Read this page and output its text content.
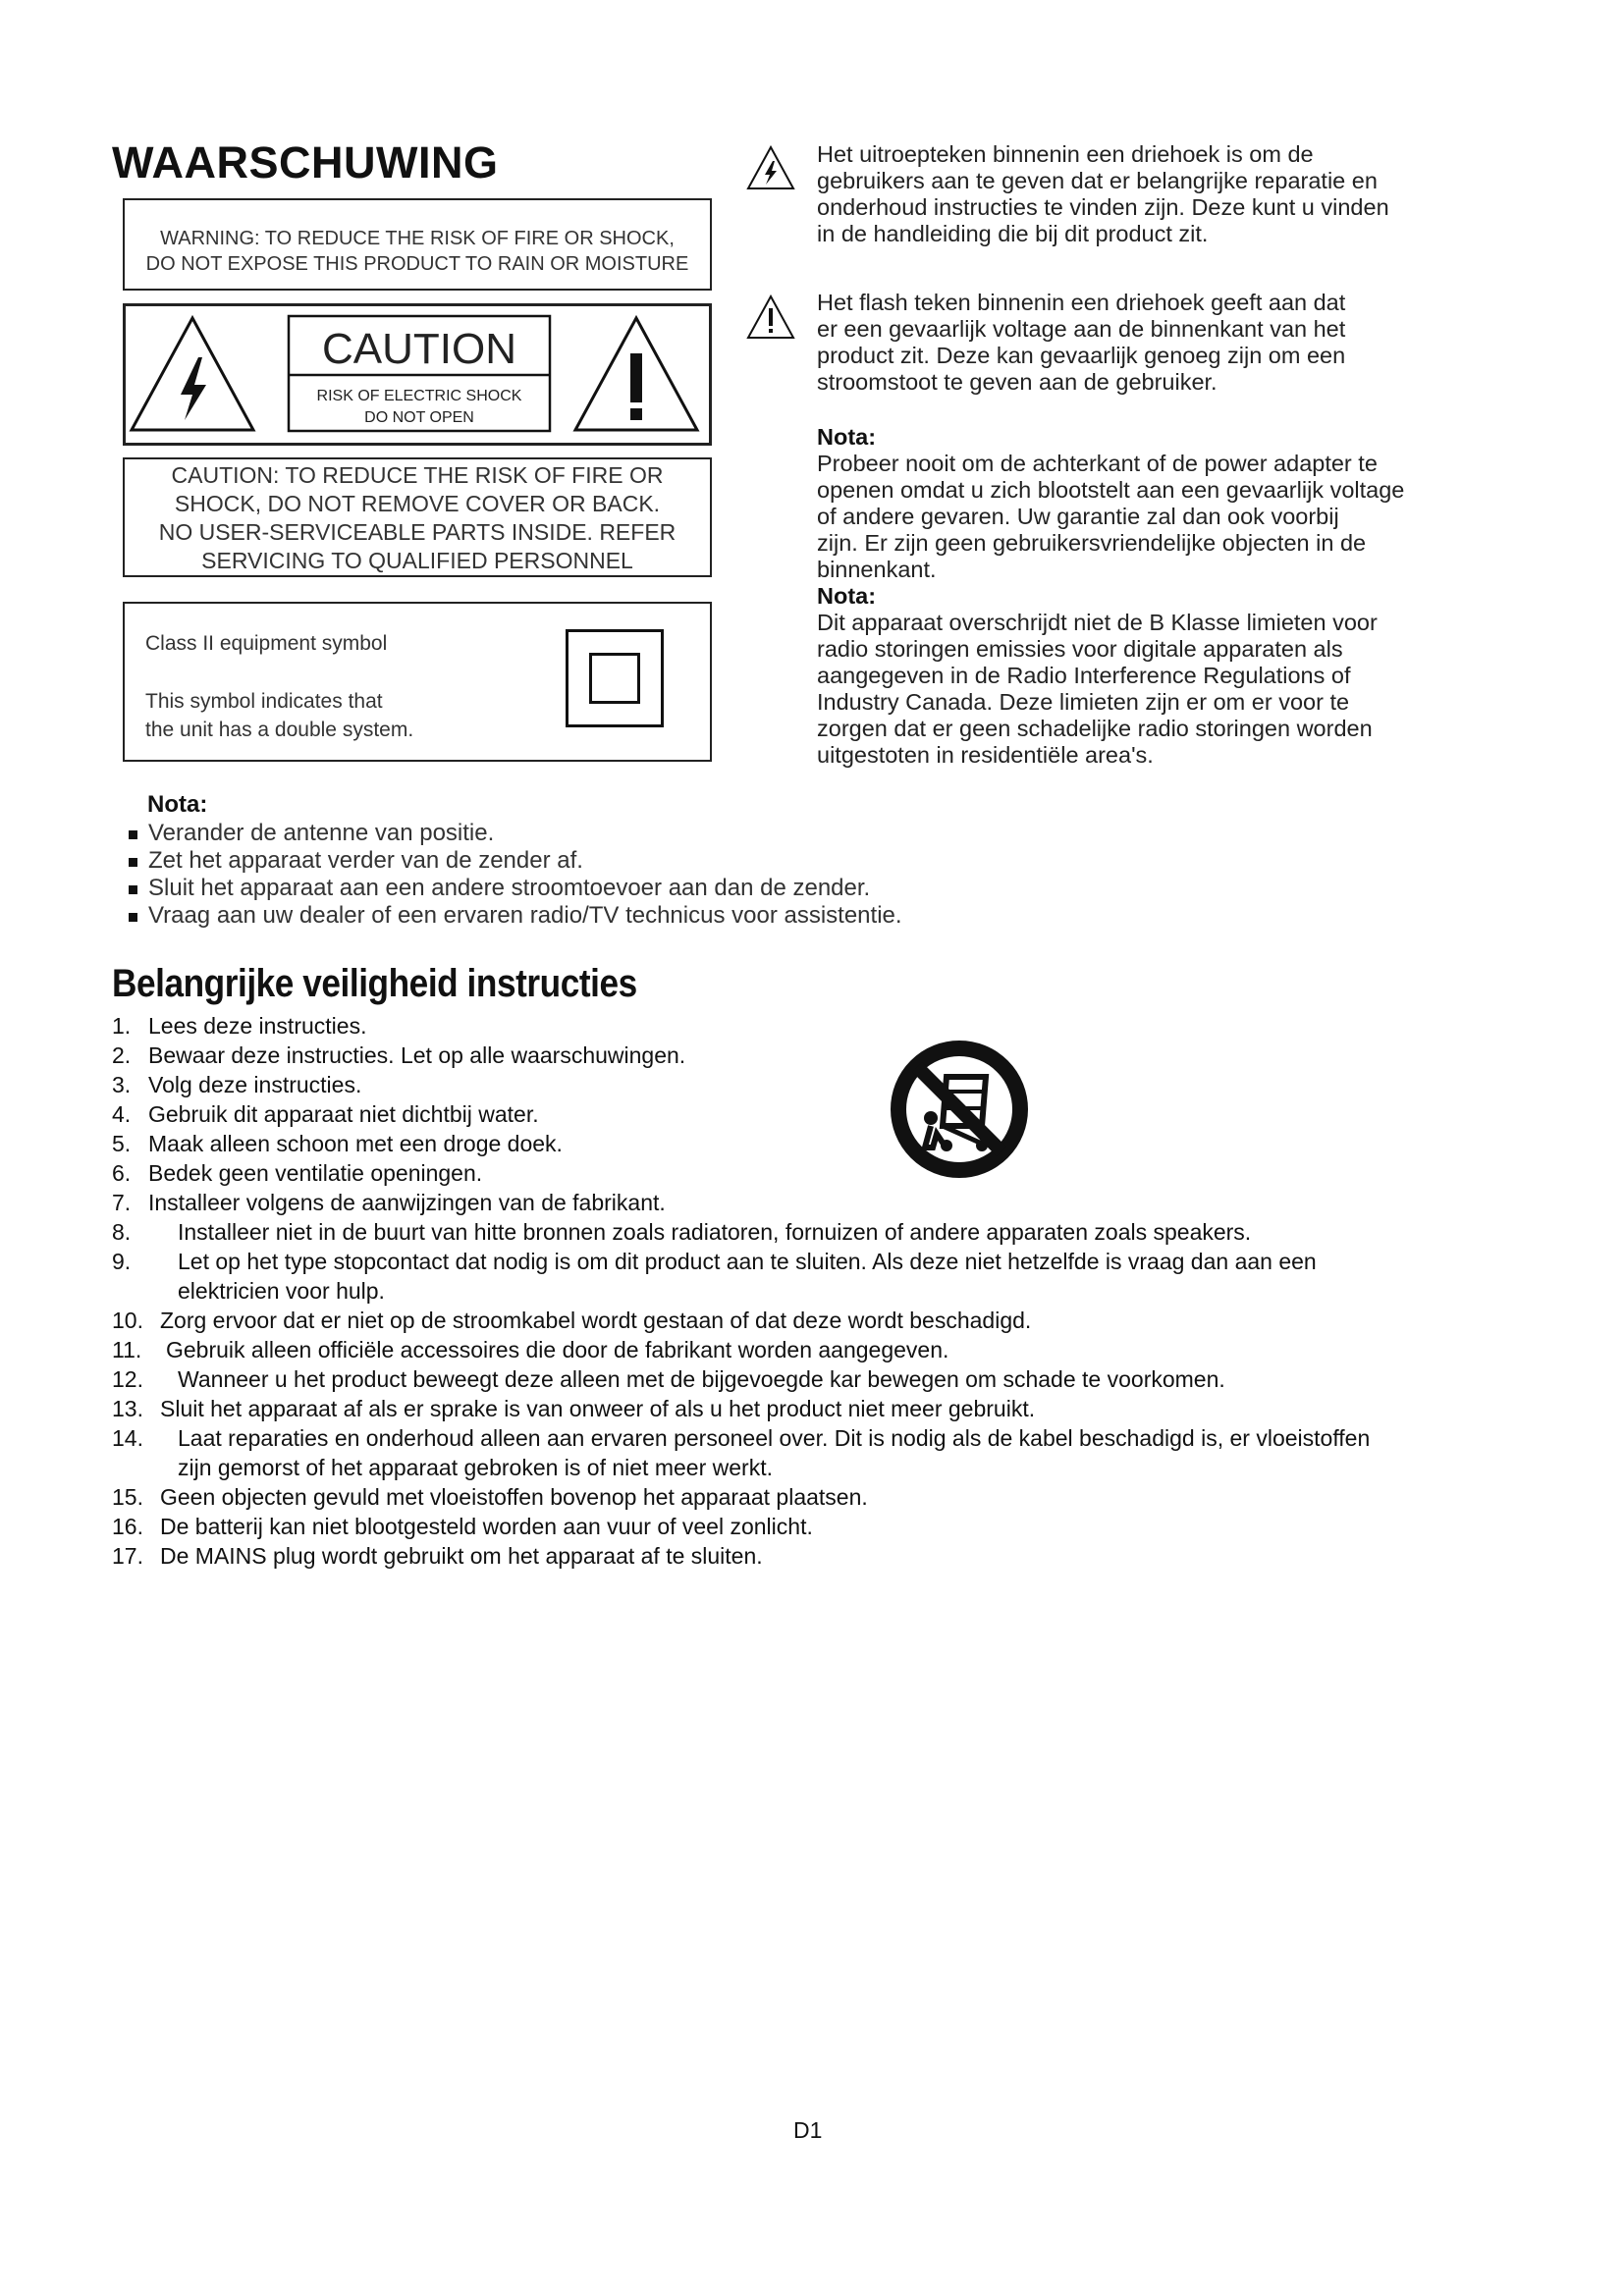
WAARSCHUWING
WARNING: TO REDUCE THE RISK OF FIRE OR SHOCK,
DO NOT EXPOSE THIS PRODUCT TO RAIN OR MOISTURE
CAUTION
RISK OF ELECTRIC SHOCK
DO NOT OPEN
CAUTION: TO REDUCE THE RISK OF FIRE OR
SHOCK, DO NOT REMOVE COVER OR BACK.
NO USER-SERVICEABLE PARTS INSIDE. REFER
SERVICING TO QUALIFIED PERSONNEL
Class II equipment symbol
This symbol indicates that
the unit has a double system.
Het uitroepteken binnenin een driehoek is om de
gebruikers aan te geven dat er belangrijke reparatie en
onderhoud instructies te vinden zijn. Deze kunt u vinden
in de handleiding die bij dit product zit.
Het flash teken binnenin een driehoek geeft aan dat
er een gevaarlijk voltage aan de binnenkant van het
product zit. Deze kan gevaarlijk genoeg zijn om een
stroomstoot te geven aan de gebruiker.
Nota:
Probeer nooit om de achterkant of de power adapter te
openen omdat u zich blootstelt aan een gevaarlijk voltage
of andere gevaren. Uw garantie zal dan ook voorbij
zijn. Er zijn geen gebruikersvriendelijke objecten in de
binnenkant.
Nota:
Dit apparaat overschrijdt niet de B Klasse limieten voor
radio storingen emissies voor digitale apparaten als
aangegeven in de Radio Interference Regulations of
Industry Canada. Deze limieten zijn er om er voor te
zorgen dat er geen schadelijke radio storingen worden
uitgestoten in residentiële area's.
Nota:
Verander de antenne van positie.
Zet het apparaat verder van de zender af.
Sluit het apparaat aan een andere stroomtoevoer aan dan de zender.
Vraag aan uw dealer of een ervaren radio/TV technicus voor assistentie.
Belangrijke veiligheid instructies
1. Lees deze instructies.
2. Bewaar deze instructies. Let op alle waarschuwingen.
3. Volg deze instructies.
4. Gebruik dit apparaat niet dichtbij water.
5. Maak alleen schoon met een droge doek.
6. Bedek geen ventilatie openingen.
7. Installeer volgens de aanwijzingen van de fabrikant.
8. Installeer niet in de buurt van hitte bronnen zoals radiatoren, fornuizen of andere apparaten zoals speakers.
9. Let op het type stopcontact dat nodig is om dit product aan te sluiten. Als deze niet hetzelfde is vraag dan aan een
elektricien voor hulp.
10. Zorg ervoor dat er niet op de stroomkabel wordt gestaan of dat deze wordt beschadigd.
11. Gebruik alleen officiële accessoires die door de fabrikant worden aangegeven.
12. Wanneer u het product beweegt deze alleen met de bijgevoegde kar bewegen om schade te voorkomen.
13. Sluit het apparaat af als er sprake is van onweer of als u het product niet meer gebruikt.
14. Laat reparaties en onderhoud alleen aan ervaren personeel over. Dit is nodig als de kabel beschadigd is, er vloeistoffen
zijn gemorst of het apparaat gebroken is of niet meer werkt.
15. Geen objecten gevuld met vloeistoffen bovenop het apparaat plaatsen.
16. De batterij kan niet blootgesteld worden aan vuur of veel zonlicht.
17. De MAINS plug wordt gebruikt om het apparaat af te sluiten.
D1
